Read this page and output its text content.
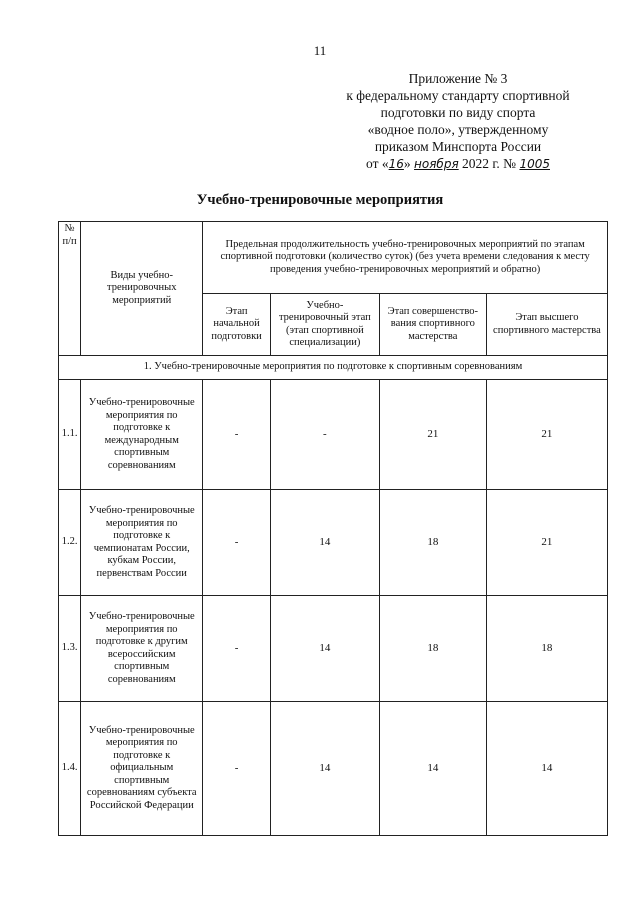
11
Приложение № 3
к федеральному стандарту спортивной
подготовки по виду спорта
«водное поло», утвержденному
приказом Минспорта России
от «16» ноября 2022 г. № 1005
Учебно-тренировочные мероприятия
№ п/п	Виды учебно-тренировочных мероприятий	Предельная продолжительность учебно-тренировочных мероприятий по этапам спортивной подготовки (количество суток) (без учета времени следования к месту проведения учебно-тренировочных мероприятий и обратно)			
		Этап начальной подготовки	Учебно-тренировочный этап (этап спортивной специализации)	Этап совершенство-вания спортивного мастерства	Этап высшего спортивного мастерства
1. Учебно-тренировочные мероприятия по подготовке к спортивным соревнованиям					
1.1.	Учебно-тренировочные мероприятия по подготовке к международным спортивным соревнованиям	-	-	21	21
1.2.	Учебно-тренировочные мероприятия по подготовке к чемпионатам России, кубкам России, первенствам России	-	14	18	21
1.3.	Учебно-тренировочные мероприятия по подготовке к другим всероссийским спортивным соревнованиям	-	14	18	18
1.4.	Учебно-тренировочные мероприятия по подготовке к официальным спортивным соревнованиям субъекта Российской Федерации	-	14	14	14
